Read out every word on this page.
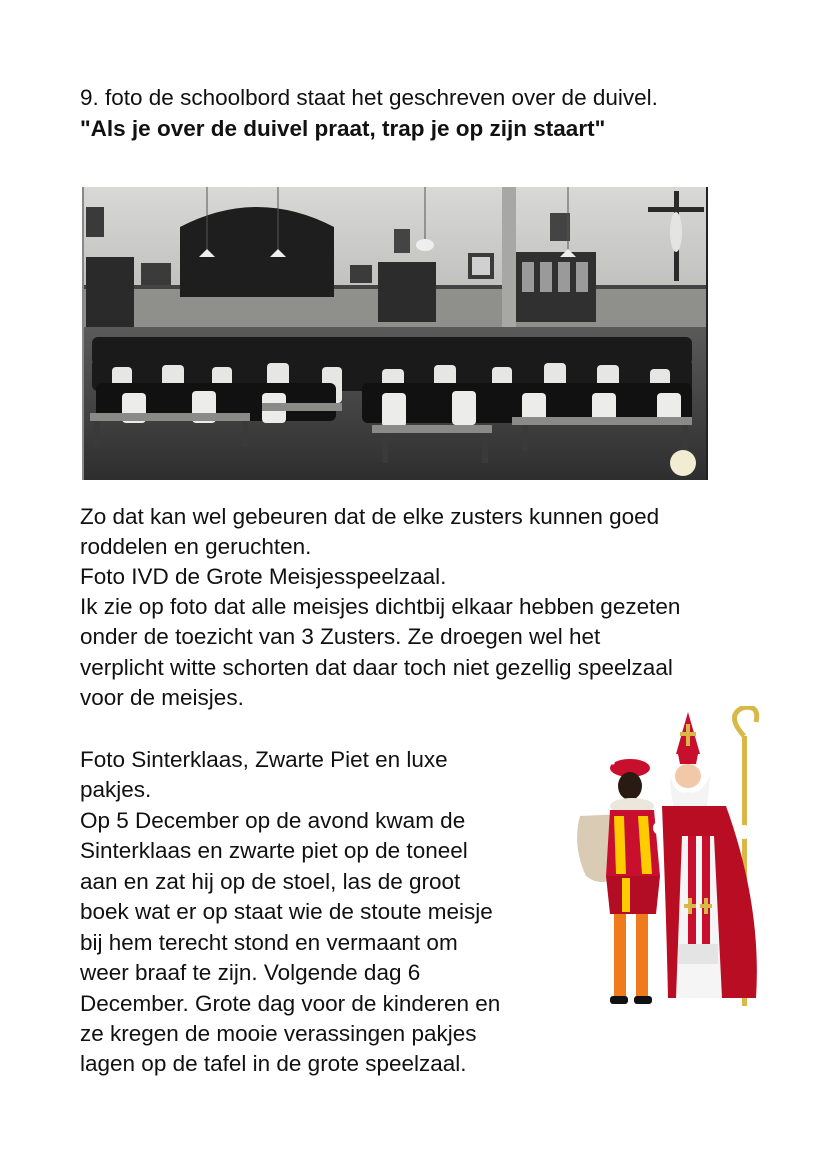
9. foto de schoolbord staat het geschreven over de duivel.

"Als je over de duivel praat, trap je op zijn staart"

Zo dat kan wel gebeuren dat de elke zusters kunnen goed

roddelen en geruchten.

Foto IVD de Grote Meisjesspeelzaal.

Ik zie op foto dat alle meisjes dichtbij elkaar hebben gezeten

onder de toezicht van 3 Zusters. Ze droegen wel het

verplicht witte schorten dat daar toch niet gezellig speelzaal

voor de meisjes.

Foto Sinterklaas, Zwarte Piet en luxe

pakjes.

Op 5 December op de avond kwam de

Sinterklaas en zwarte piet op de toneel

aan en zat hij op de stoel, las de groot

boek wat er op staat wie de stoute meisje

bij hem terecht stond en vermaant om

weer braaf te zijn. Volgende dag 6

December. Grote dag voor de kinderen en

ze kregen de mooie verassingen pakjes

lagen op de tafel in de grote speelzaal.
